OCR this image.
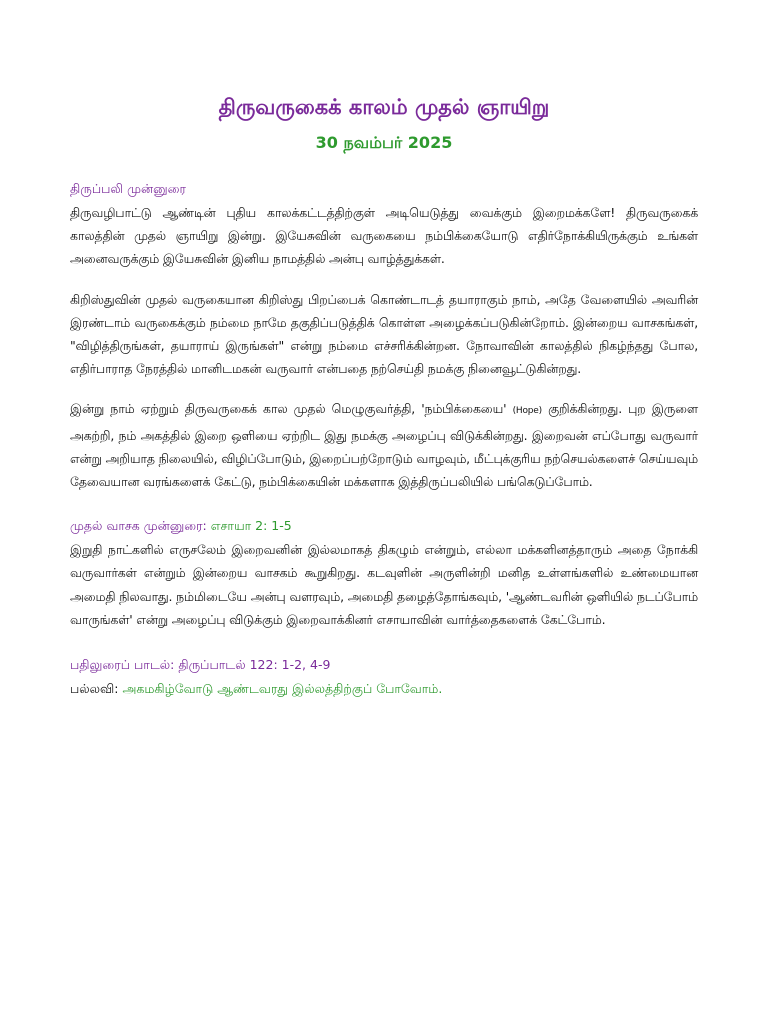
திருவருகைக் காலம் முதல் ஞாயிறு
30 நவம்பர் 2025
திருப்பலி முன்னுரை

திருவழிபாட்டு ஆண்டின் புதிய காலக்கட்டத்திற்குள் அடியெடுத்து வைக்கும் இறைமக்களே! திருவருகைக் காலத்தின் முதல் ஞாயிறு இன்று. இயேசுவின் வருகையை நம்பிக்கையோடு எதிர்நோக்கியிருக்கும் உங்கள் அனைவருக்கும் இயேசுவின் இனிய நாமத்தில் அன்பு வாழ்த்துக்கள்.

கிறிஸ்துவின் முதல் வருகையான கிறிஸ்து பிறப்பைக் கொண்டாடத் தயாராகும் நாம், அதே வேளையில் அவரின் இரண்டாம் வருகைக்கும் நம்மை நாமே தகுதிப்படுத்திக் கொள்ள அழைக்கப்படுகின்றோம். இன்றைய வாசகங்கள், "விழித்திருங்கள், தயாராய் இருங்கள்" என்று நம்மை எச்சரிக்கின்றன. நோவாவின் காலத்தில் நிகழ்ந்தது போல, எதிர்பாராத நேரத்தில் மானிடமகன் வருவார் என்பதை நற்செய்தி நமக்கு நினைவூட்டுகின்றது.

இன்று நாம் ஏற்றும் திருவருகைக் கால முதல் மெழுகுவர்த்தி, 'நம்பிக்கையை' (Hope) குறிக்கின்றது. புற இருளை அகற்றி, நம் அகத்தில் இறை ஒளியை ஏற்றிட இது நமக்கு அழைப்பு விடுக்கின்றது. இறைவன் எப்போது வருவார் என்று அறியாத நிலையில், விழிப்போடும், இறைப்பற்றோடும் வாழவும், மீட்புக்குரிய நற்செயல்களைச் செய்யவும் தேவையான வரங்களைக் கேட்டு, நம்பிக்கையின் மக்களாக இத்திருப்பலியில் பங்கெடுப்போம்.

முதல் வாசக முன்னுரை: எசாயா 2: 1-5

இறுதி நாட்களில் எருசலேம் இறைவனின் இல்லமாகத் திகழும் என்றும், எல்லா மக்களினத்தாரும் அதை நோக்கி வருவார்கள் என்றும் இன்றைய வாசகம் கூறுகிறது. கடவுளின் அருளின்றி மனித உள்ளங்களில் உண்மையான அமைதி நிலவாது. நம்மிடையே அன்பு வளரவும், அமைதி தழைத்தோங்கவும், 'ஆண்டவரின் ஒளியில் நடப்போம் வாருங்கள்' என்று அழைப்பு விடுக்கும் இறைவாக்கினர் எசாயாவின் வார்த்தைகளைக் கேட்போம்.

பதிலுரைப் பாடல்: திருப்பாடல் 122: 1-2, 4-9
பல்லவி: அகமகிழ்வோடு ஆண்டவரது இல்லத்திற்குப் போவோம்.
